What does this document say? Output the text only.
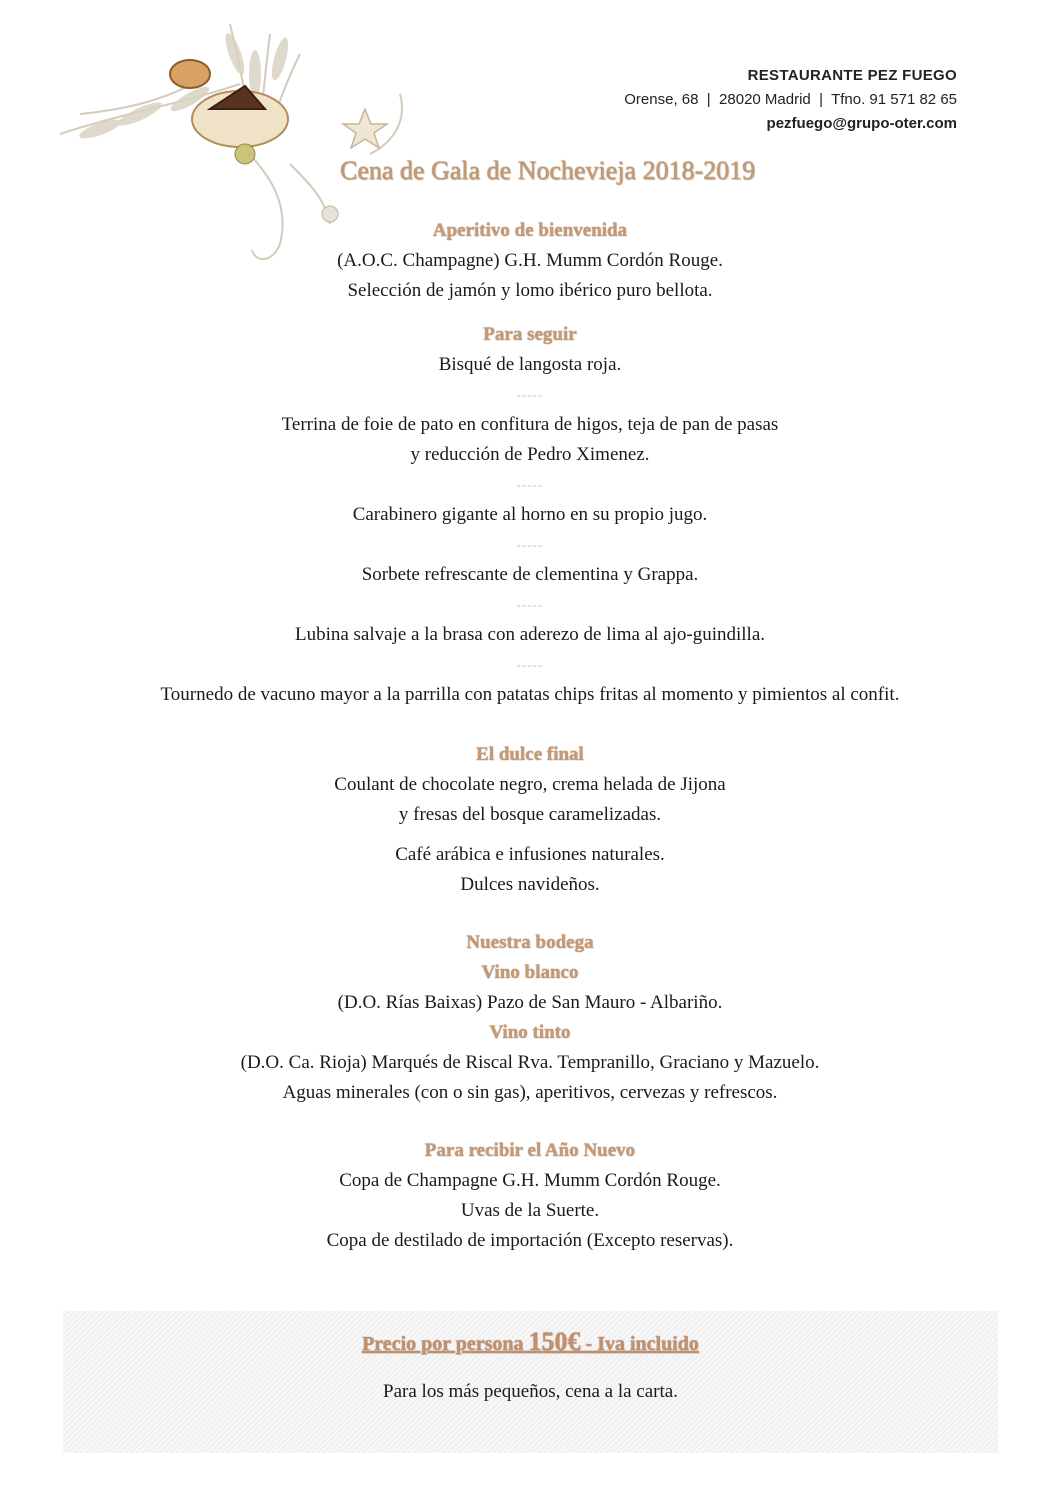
RESTAURANTE PEZ FUEGO
Orense, 68  |  28020 Madrid  |  Tfno. 91 571 82 65
pezfuego@grupo-oter.com
Cena de Gala de Nochevieja 2018-2019
Aperitivo de bienvenida
(A.O.C. Champagne) G.H. Mumm Cordón Rouge.
Selección de jamón y lomo ibérico puro bellota.
Para seguir
Bisqué de langosta roja.
-----
Terrina de foie de pato en confitura de higos, teja de pan de pasas
y reducción de Pedro Ximenez.
-----
Carabinero gigante al horno en su propio jugo.
-----
Sorbete refrescante de clementina y Grappa.
-----
Lubina salvaje a la brasa con aderezo de lima al ajo-guindilla.
-----
Tournedo de vacuno mayor a la parrilla con patatas chips fritas al momento y pimientos al confit.
El dulce final
Coulant de chocolate negro, crema helada de Jijona
y fresas del bosque caramelizadas.
Café arábica e infusiones naturales.
Dulces navideños.
Nuestra bodega
Vino blanco
(D.O. Rías Baixas) Pazo de San Mauro - Albariño.
Vino tinto
(D.O. Ca. Rioja) Marqués de Riscal Rva. Tempranillo, Graciano y Mazuelo.
Aguas minerales (con o sin gas), aperitivos, cervezas y refrescos.
Para recibir el Año Nuevo
Copa de Champagne G.H. Mumm Cordón Rouge.
Uvas de la Suerte.
Copa de destilado de importación (Excepto reservas).
Precio por persona 150€ - Iva incluido
Para los más pequeños, cena a la carta.
